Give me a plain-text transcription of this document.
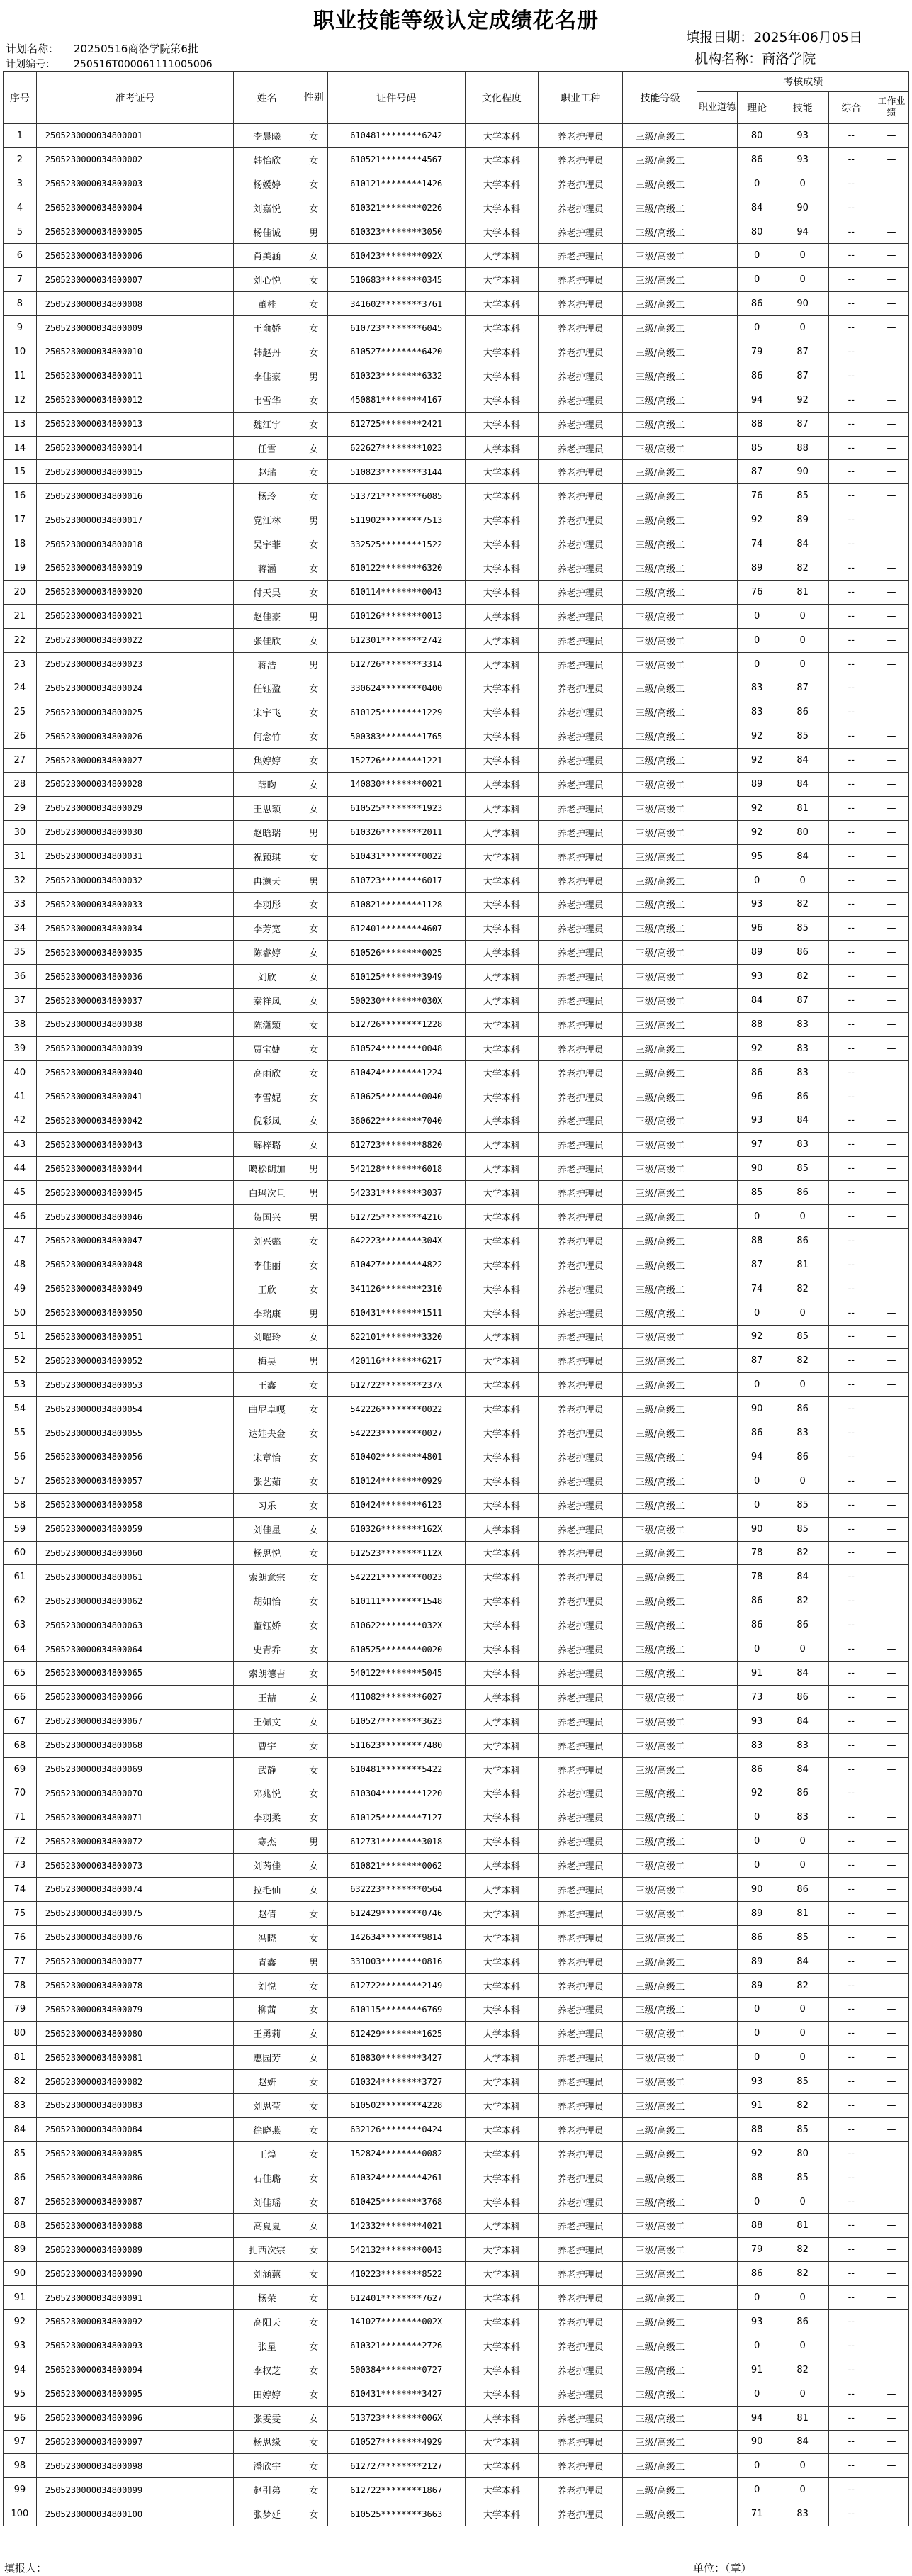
职业技能等级认定成绩花名册
计划名称： 20250516商洛学院第6批
计划编号： 250516T000061111005006
填报日期：2025年06月05日
机构名称：商洛学院
序号	准考证号	姓名	性别	证件号码	文化程度	职业工种	技能等级	考核成绩				
								职业道德	理论	技能	综合	工作业绩
1	2505230000034800001	李晨曦	女	610481********6242	大学本科	养老护理员	三级/高级工		80	93	--	—
2	2505230000034800002	韩怡欣	女	610521********4567	大学本科	养老护理员	三级/高级工		86	93	--	—
3	2505230000034800003	杨媛婷	女	610121********1426	大学本科	养老护理员	三级/高级工		0	0	--	—
4	2505230000034800004	刘嘉悦	女	610321********0226	大学本科	养老护理员	三级/高级工		84	90	--	—
5	2505230000034800005	杨佳诚	男	610323********3050	大学本科	养老护理员	三级/高级工		80	94	--	—
6	2505230000034800006	肖美涵	女	610423********092X	大学本科	养老护理员	三级/高级工		0	0	--	—
7	2505230000034800007	刘心悦	女	510683********0345	大学本科	养老护理员	三级/高级工		0	0	--	—
8	2505230000034800008	董桂	女	341602********3761	大学本科	养老护理员	三级/高级工		86	90	--	—
9	2505230000034800009	王俞娇	女	610723********6045	大学本科	养老护理员	三级/高级工		0	0	--	—
10	2505230000034800010	韩赵丹	女	610527********6420	大学本科	养老护理员	三级/高级工		79	87	--	—
11	2505230000034800011	李佳豪	男	610323********6332	大学本科	养老护理员	三级/高级工		86	87	--	—
12	2505230000034800012	韦雪华	女	450881********4167	大学本科	养老护理员	三级/高级工		94	92	--	—
13	2505230000034800013	魏江宇	女	612725********2421	大学本科	养老护理员	三级/高级工		88	87	--	—
14	2505230000034800014	任雪	女	622627********1023	大学本科	养老护理员	三级/高级工		85	88	--	—
15	2505230000034800015	赵瑞	女	510823********3144	大学本科	养老护理员	三级/高级工		87	90	--	—
16	2505230000034800016	杨玲	女	513721********6085	大学本科	养老护理员	三级/高级工		76	85	--	—
17	2505230000034800017	党江林	男	511902********7513	大学本科	养老护理员	三级/高级工		92	89	--	—
18	2505230000034800018	吴宇菲	女	332525********1522	大学本科	养老护理员	三级/高级工		74	84	--	—
19	2505230000034800019	蒋涵	女	610122********6320	大学本科	养老护理员	三级/高级工		89	82	--	—
20	2505230000034800020	付天昊	女	610114********0043	大学本科	养老护理员	三级/高级工		76	81	--	—
21	2505230000034800021	赵佳豪	男	610126********0013	大学本科	养老护理员	三级/高级工		0	0	--	—
22	2505230000034800022	张佳欣	女	612301********2742	大学本科	养老护理员	三级/高级工		0	0	--	—
23	2505230000034800023	蒋浩	男	612726********3314	大学本科	养老护理员	三级/高级工		0	0	--	—
24	2505230000034800024	任钰盈	女	330624********0400	大学本科	养老护理员	三级/高级工		83	87	--	—
25	2505230000034800025	宋宇飞	女	610125********1229	大学本科	养老护理员	三级/高级工		83	86	--	—
26	2505230000034800026	何念竹	女	500383********1765	大学本科	养老护理员	三级/高级工		92	85	--	—
27	2505230000034800027	焦婷婷	女	152726********1221	大学本科	养老护理员	三级/高级工		92	84	--	—
28	2505230000034800028	薛昀	女	140830********0021	大学本科	养老护理员	三级/高级工		89	84	--	—
29	2505230000034800029	王思颖	女	610525********1923	大学本科	养老护理员	三级/高级工		92	81	--	—
30	2505230000034800030	赵晗瑞	男	610326********2011	大学本科	养老护理员	三级/高级工		92	80	--	—
31	2505230000034800031	祝颖琪	女	610431********0022	大学本科	养老护理员	三级/高级工		95	84	--	—
32	2505230000034800032	冉濑天	男	610723********6017	大学本科	养老护理员	三级/高级工		0	0	--	—
33	2505230000034800033	李羽彤	女	610821********1128	大学本科	养老护理员	三级/高级工		93	82	--	—
34	2505230000034800034	李芳宽	女	612401********4607	大学本科	养老护理员	三级/高级工		96	85	--	—
35	2505230000034800035	陈睿婷	女	610526********0025	大学本科	养老护理员	三级/高级工		89	86	--	—
36	2505230000034800036	刘欣	女	610125********3949	大学本科	养老护理员	三级/高级工		93	82	--	—
37	2505230000034800037	秦祥凤	女	500230********030X	大学本科	养老护理员	三级/高级工		84	87	--	—
38	2505230000034800038	陈潇颖	女	612726********1228	大学本科	养老护理员	三级/高级工		88	83	--	—
39	2505230000034800039	贾宝婕	女	610524********0048	大学本科	养老护理员	三级/高级工		92	83	--	—
40	2505230000034800040	高雨欣	女	610424********1224	大学本科	养老护理员	三级/高级工		86	83	--	—
41	2505230000034800041	李雪妮	女	610625********0040	大学本科	养老护理员	三级/高级工		96	86	--	—
42	2505230000034800042	倪彩凤	女	360622********7040	大学本科	养老护理员	三级/高级工		93	84	--	—
43	2505230000034800043	解梓璐	女	612723********8820	大学本科	养老护理员	三级/高级工		97	83	--	—
44	2505230000034800044	噶松朗加	男	542128********6018	大学本科	养老护理员	三级/高级工		90	85	--	—
45	2505230000034800045	白玛次旦	男	542331********3037	大学本科	养老护理员	三级/高级工		85	86	--	—
46	2505230000034800046	贺国兴	男	612725********4216	大学本科	养老护理员	三级/高级工		0	0	--	—
47	2505230000034800047	刘兴懿	女	642223********304X	大学本科	养老护理员	三级/高级工		88	86	--	—
48	2505230000034800048	李佳丽	女	610427********4822	大学本科	养老护理员	三级/高级工		87	81	--	—
49	2505230000034800049	王欣	女	341126********2310	大学本科	养老护理员	三级/高级工		74	82	--	—
50	2505230000034800050	李瑞康	男	610431********1511	大学本科	养老护理员	三级/高级工		0	0	--	—
51	2505230000034800051	刘曜玲	女	622101********3320	大学本科	养老护理员	三级/高级工		92	85	--	—
52	2505230000034800052	梅昊	男	420116********6217	大学本科	养老护理员	三级/高级工		87	82	--	—
53	2505230000034800053	王鑫	女	612722********237X	大学本科	养老护理员	三级/高级工		0	0	--	—
54	2505230000034800054	曲尼卓嘎	女	542226********0022	大学本科	养老护理员	三级/高级工		90	86	--	—
55	2505230000034800055	达娃央金	女	542223********0027	大学本科	养老护理员	三级/高级工		86	83	--	—
56	2505230000034800056	宋章怡	女	610402********4801	大学本科	养老护理员	三级/高级工		94	86	--	—
57	2505230000034800057	张艺茹	女	610124********0929	大学本科	养老护理员	三级/高级工		0	0	--	—
58	2505230000034800058	习乐	女	610424********6123	大学本科	养老护理员	三级/高级工		0	85	--	—
59	2505230000034800059	刘佳星	女	610326********162X	大学本科	养老护理员	三级/高级工		90	85	--	—
60	2505230000034800060	杨思悦	女	612523********112X	大学本科	养老护理员	三级/高级工		78	82	--	—
61	2505230000034800061	索朗意宗	女	542221********0023	大学本科	养老护理员	三级/高级工		78	84	--	—
62	2505230000034800062	胡如怡	女	610111********1548	大学本科	养老护理员	三级/高级工		86	82	--	—
63	2505230000034800063	董钰娇	女	610622********032X	大学本科	养老护理员	三级/高级工		86	86	--	—
64	2505230000034800064	史青乔	女	610525********0020	大学本科	养老护理员	三级/高级工		0	0	--	—
65	2505230000034800065	索朗德吉	女	540122********5045	大学本科	养老护理员	三级/高级工		91	84	--	—
66	2505230000034800066	王喆	女	411082********6027	大学本科	养老护理员	三级/高级工		73	86	--	—
67	2505230000034800067	王佩文	女	610527********3623	大学本科	养老护理员	三级/高级工		93	84	--	—
68	2505230000034800068	曹宇	女	511623********7480	大学本科	养老护理员	三级/高级工		83	83	--	—
69	2505230000034800069	武静	女	610481********5422	大学本科	养老护理员	三级/高级工		86	84	--	—
70	2505230000034800070	邓兆悦	女	610304********1220	大学本科	养老护理员	三级/高级工		92	86	--	—
71	2505230000034800071	李羽柔	女	610125********7127	大学本科	养老护理员	三级/高级工		0	83	--	—
72	2505230000034800072	寒杰	男	612731********3018	大学本科	养老护理员	三级/高级工		0	0	--	—
73	2505230000034800073	刘芮佳	女	610821********0062	大学本科	养老护理员	三级/高级工		0	0	--	—
74	2505230000034800074	拉毛仙	女	632223********0564	大学本科	养老护理员	三级/高级工		90	86	--	—
75	2505230000034800075	赵倩	女	612429********0746	大学本科	养老护理员	三级/高级工		89	81	--	—
76	2505230000034800076	冯晓	女	142634********9814	大学本科	养老护理员	三级/高级工		86	85	--	—
77	2505230000034800077	青鑫	男	331003********0816	大学本科	养老护理员	三级/高级工		89	84	--	—
78	2505230000034800078	刘悦	女	612722********2149	大学本科	养老护理员	三级/高级工		89	82	--	—
79	2505230000034800079	柳茜	女	610115********6769	大学本科	养老护理员	三级/高级工		0	0	--	—
80	2505230000034800080	王勇莉	女	612429********1625	大学本科	养老护理员	三级/高级工		0	0	--	—
81	2505230000034800081	惠园芳	女	610830********3427	大学本科	养老护理员	三级/高级工		0	0	--	—
82	2505230000034800082	赵妍	女	610324********3727	大学本科	养老护理员	三级/高级工		93	85	--	—
83	2505230000034800083	刘思莹	女	610502********4228	大学本科	养老护理员	三级/高级工		91	82	--	—
84	2505230000034800084	徐晓燕	女	632126********0424	大学本科	养老护理员	三级/高级工		88	85	--	—
85	2505230000034800085	王煌	女	152824********0082	大学本科	养老护理员	三级/高级工		92	80	--	—
86	2505230000034800086	石佳璐	女	610324********4261	大学本科	养老护理员	三级/高级工		88	85	--	—
87	2505230000034800087	刘佳瑶	女	610425********3768	大学本科	养老护理员	三级/高级工		0	0	--	—
88	2505230000034800088	高夏夏	女	142332********4021	大学本科	养老护理员	三级/高级工		88	81	--	—
89	2505230000034800089	扎西次宗	女	542132********0043	大学本科	养老护理员	三级/高级工		79	82	--	—
90	2505230000034800090	刘涵蕙	女	410223********8522	大学本科	养老护理员	三级/高级工		86	82	--	—
91	2505230000034800091	杨荣	女	612401********7627	大学本科	养老护理员	三级/高级工		0	0	--	—
92	2505230000034800092	高阳天	女	141027********002X	大学本科	养老护理员	三级/高级工		93	86	--	—
93	2505230000034800093	张星	女	610321********2726	大学本科	养老护理员	三级/高级工		0	0	--	—
94	2505230000034800094	李权芝	女	500384********0727	大学本科	养老护理员	三级/高级工		91	82	--	—
95	2505230000034800095	田婷婷	女	610431********3427	大学本科	养老护理员	三级/高级工		0	0	--	—
96	2505230000034800096	张雯雯	女	513723********006X	大学本科	养老护理员	三级/高级工		94	81	--	—
97	2505230000034800097	杨思缘	女	610527********4929	大学本科	养老护理员	三级/高级工		90	84	--	—
98	2505230000034800098	潘欣宇	女	612727********2127	大学本科	养老护理员	三级/高级工		0	0	--	—
99	2505230000034800099	赵引弟	女	612722********1867	大学本科	养老护理员	三级/高级工		0	0	--	—
100	2505230000034800100	张梦延	女	610525********3663	大学本科	养老护理员	三级/高级工		71	83	--	—
填报人：	单位：（章）
